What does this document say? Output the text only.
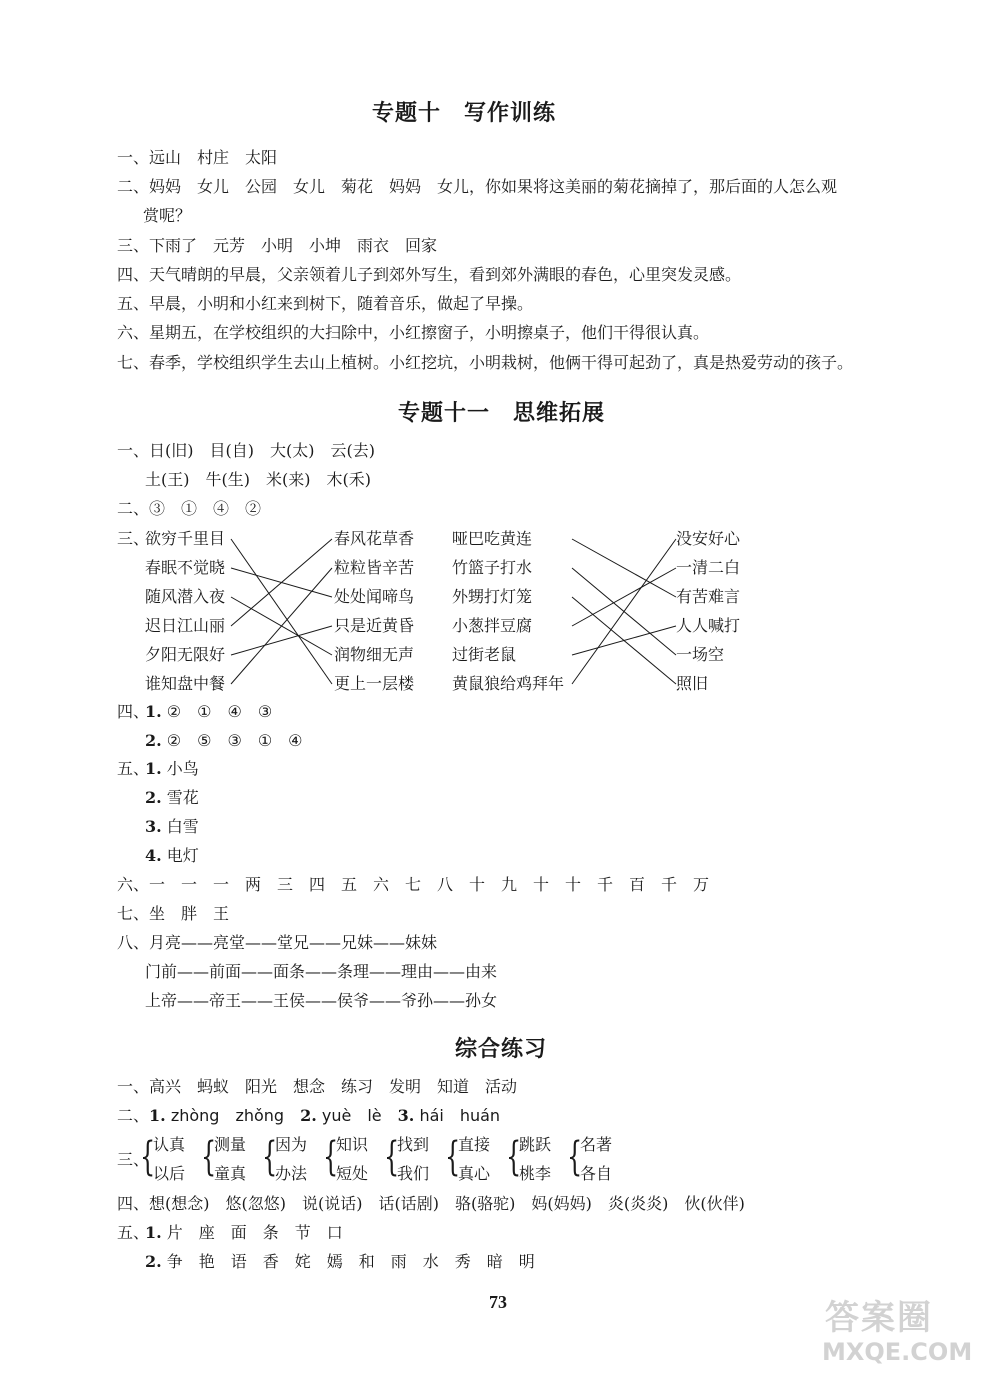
专题十　写作训练
一、远山　村庄　太阳
二、妈妈　女儿　公园　女儿　菊花　妈妈　女儿，你如果将这美丽的菊花摘掉了，那后面的人怎么观
赏呢？
三、下雨了　元芳　小明　小坤　雨衣　回家
四、天气晴朗的早晨，父亲领着儿子到郊外写生，看到郊外满眼的春色，心里突发灵感。
五、早晨，小明和小红来到树下，随着音乐，做起了早操。
六、星期五，在学校组织的大扫除中，小红擦窗子，小明擦桌子，他们干得很认真。
七、春季，学校组织学生去山上植树。小红挖坑，小明栽树，他俩干得可起劲了，真是热爱劳动的孩子。
专题十一　思维拓展
一、日(旧)　目(自)　大(太)　云(去)
土(王)　牛(生)　米(来)　木(禾)
二、③　①　④　②
三、
欲穷千里目
春眠不觉晓
随风潜入夜
迟日江山丽
夕阳无限好
谁知盘中餐
春风花草香
粒粒皆辛苦
处处闻啼鸟
只是近黄昏
润物细无声
更上一层楼
哑巴吃黄连
竹篮子打水
外甥打灯笼
小葱拌豆腐
过街老鼠
黄鼠狼给鸡拜年
没安好心
一清二白
有苦难言
人人喊打
一场空
照旧
四、
1. ②　①　④　③
2. ②　⑤　③　①　④
五、
1. 小鸟
2. 雪花
3. 白雪
4. 电灯
六、一　一　一　两　三　四　五　六　七　八　十　九　十　十　千　百　千　万
七、坐　胖　王
八、月亮——亮堂——堂兄——兄妹——妹妹
门前——前面——面条——条理——理由——由来
上帝——帝王——王侯——侯爷——爷孙——孙女
综合练习
一、高兴　蚂蚁　阳光　想念　练习　发明　知道　活动
二、1. zhòng　zhǒng　 2. yuè　lè　 3. hái　huán
三、
{
认真
以后 {
测量
童真 {
因为
办法 {
知识
短处 {
找到
我们 {
直接
真心 {
跳跃
桃李 {
名著
各自
四、想(想念)　悠(忽悠)　说(说话)　话(话剧)　骆(骆驼)　妈(妈妈)　炎(炎炎)　伙(伙伴)
五、
1. 片　座　面　条　节　口
2. 争　艳　语　香　姹　嫣　和　雨　水　秀　暗　明
73	答案圈
MXQE.COM
